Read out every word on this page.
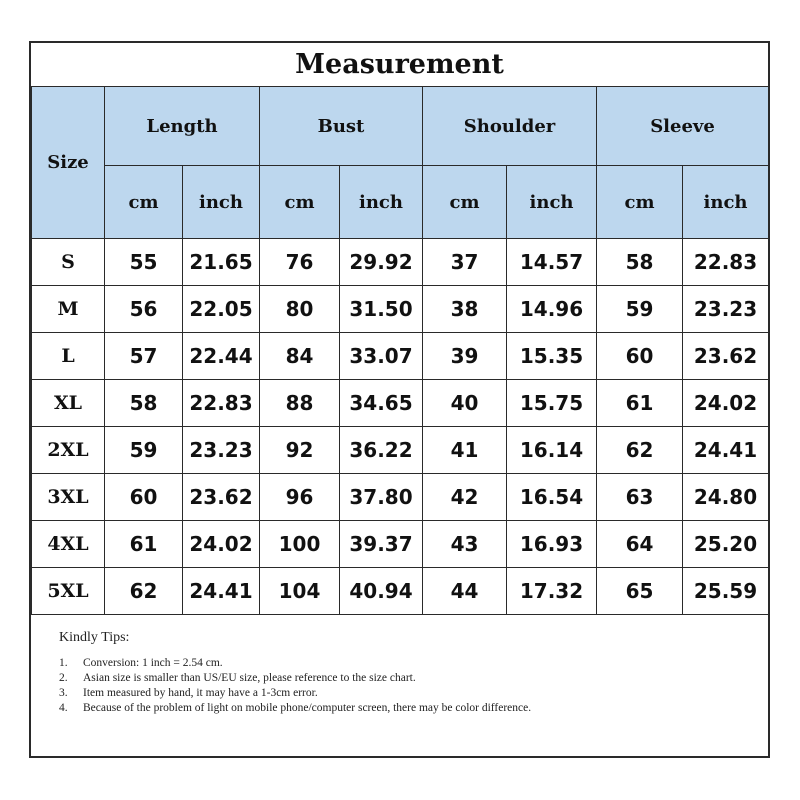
Measurement
Size	Length		Bust		Shoulder		Sleeve	
	cm	inch	cm	inch	cm	inch	cm	inch
S	55	21.65	76	29.92	37	14.57	58	22.83
M	56	22.05	80	31.50	38	14.96	59	23.23
L	57	22.44	84	33.07	39	15.35	60	23.62
XL	58	22.83	88	34.65	40	15.75	61	24.02
2XL	59	23.23	92	36.22	41	16.14	62	24.41
3XL	60	23.62	96	37.80	42	16.54	63	24.80
4XL	61	24.02	100	39.37	43	16.93	64	25.20
5XL	62	24.41	104	40.94	44	17.32	65	25.59
Kindly Tips:
1.	Conversion: 1 inch = 2.54 cm.
2.	Asian size is smaller than US/EU size, please reference to the size chart.
3.	Item measured by hand, it may have a 1-3cm error.
4.	Because of the problem of light on mobile phone/computer screen, there may be color difference.
